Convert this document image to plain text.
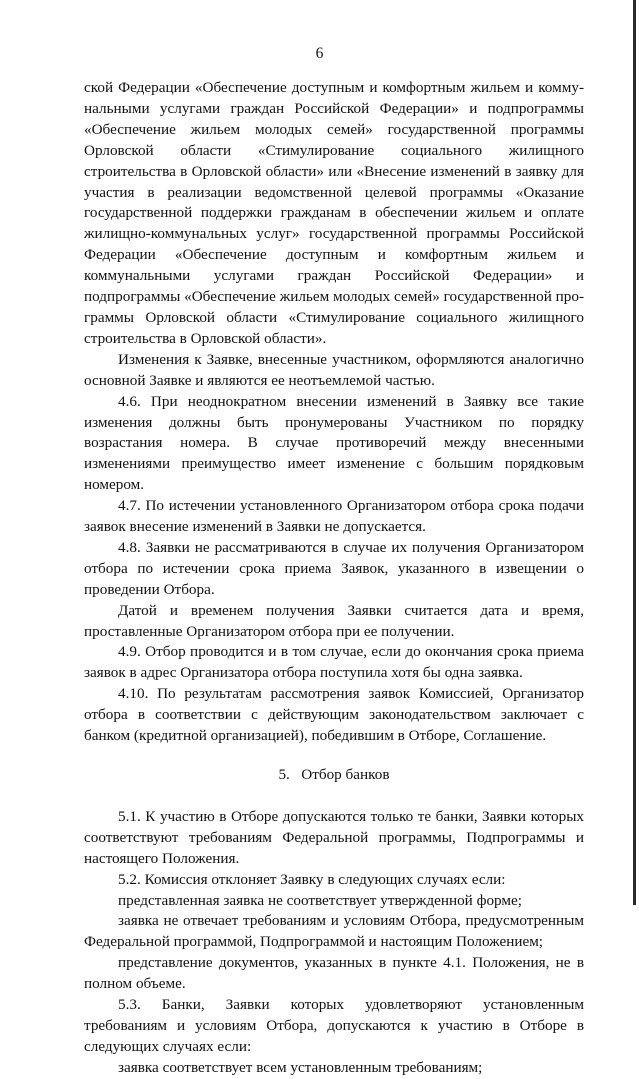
6

ской Федерации «Обеспечение доступным и комфортным жильем и коммунальными услугами граждан Российской Федерации» и подпрограммы «Обеспечение жильем молодых семей» государственной программы Орловской области «Стимулирование социального жилищного строительства в Орловской области» или «Внесение изменений в заявку для участия в реализации ведомственной целевой программы «Оказание государственной поддержки гражданам в обеспечении жильем и оплате жилищно-коммунальных услуг» государственной программы Российской Федерации «Обеспечение доступным и комфортным жильем и коммунальными услугами граждан Российской Федерации» и подпрограммы «Обеспечение жильем молодых семей» государственной программы Орловской области «Стимулирование социального жилищного строительства в Орловской области».

Изменения к Заявке, внесенные участником, оформляются аналогично основной Заявке и являются ее неотъемлемой частью.

4.6. При неоднократном внесении изменений в Заявку все такие изменения должны быть пронумерованы Участником по порядку возрастания номера. В случае противоречий между внесенными изменениями преимущество имеет изменение с большим порядковым номером.

4.7. По истечении установленного Организатором отбора срока подачи заявок внесение изменений в Заявки не допускается.

4.8. Заявки не рассматриваются в случае их получения Организатором отбора по истечении срока приема Заявок, указанного в извещении о проведении Отбора.

Датой и временем получения Заявки считается дата и время, проставленные Организатором отбора при ее получении.

4.9. Отбор проводится и в том случае, если до окончания срока приема заявок в адрес Организатора отбора поступила хотя бы одна заявка.

4.10. По результатам рассмотрения заявок Комиссией, Организатор отбора в соответствии с действующим законодательством заключает с банком (кредитной организацией), победившим в Отборе, Соглашение.

5.   Отбор банков

5.1. К участию в Отборе допускаются только те банки, Заявки которых соответствуют требованиям Федеральной программы, Подпрограммы и настоящего Положения.

5.2. Комиссия отклоняет Заявку в следующих случаях если:

представленная заявка не соответствует утвержденной форме;

заявка не отвечает требованиям и условиям Отбора, предусмотренным Федеральной программой, Подпрограммой и настоящим Положением;

представление документов, указанных в пункте 4.1. Положения, не в полном объеме.

5.3. Банки, Заявки которых удовлетворяют установленным требованиям и условиям Отбора, допускаются к участию в Отборе в следующих случаях если:

заявка соответствует всем установленным требованиям;
